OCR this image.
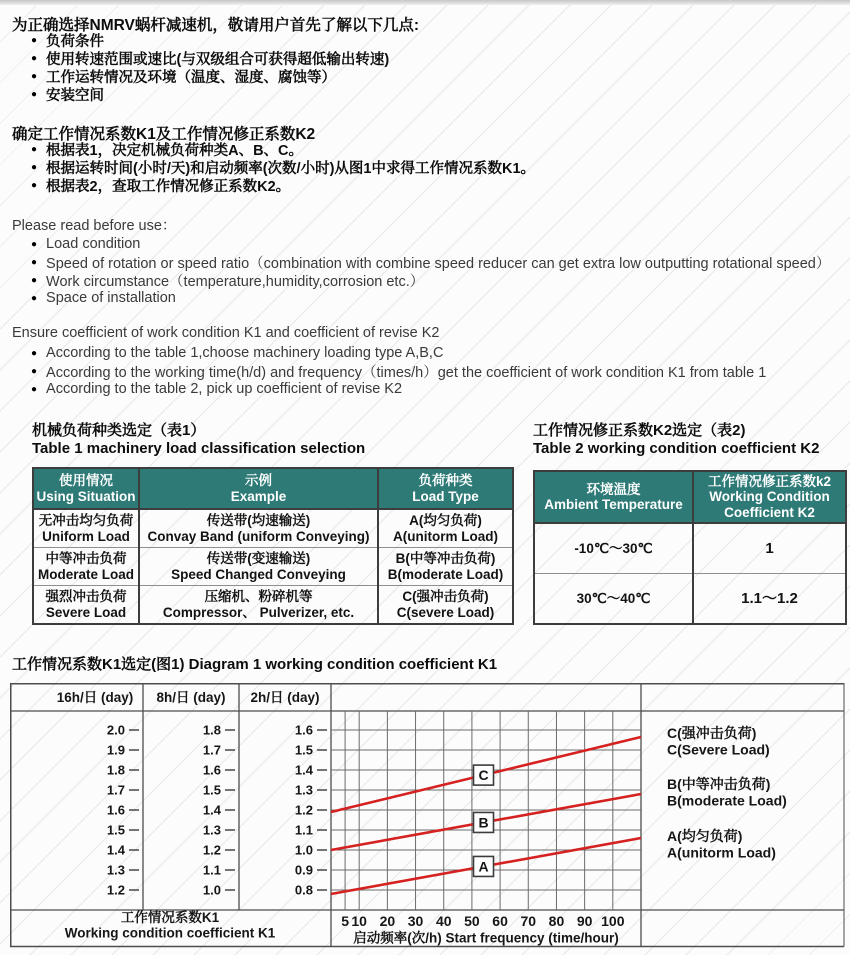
为正确选择NMRV蜗杆减速机，敬请用户首先了解以下几点:
● 负荷条件
● 使用转速范围或速比(与双级组合可获得超低输出转速)
● 工作运转情况及环境（温度、湿度、腐蚀等）
● 安装空间
确定工作情况系数K1及工作情况修正系数K2
● 根据表1，决定机械负荷种类A、B、C。
● 根据运转时间(小时/天)和启动频率(次数/小时)从图1中求得工作情况系数K1。
● 根据表2，查取工作情况修正系数K2。
Please read before use：
● Load condition
● Speed of rotation or speed ratio（combination with combine speed reducer can get extra low outputting rotational speed）
● Work circumstance（temperature,humidity,corrosion etc.）
● Space of installation
Ensure coefficient of work condition K1 and coefficient of revise K2
● According to the table 1,choose machinery loading type A,B,C
● According to the working time(h/d) and frequency（times/h）get the coefficient of work condition K1 from table 1
● According to the table 2, pick up coefficient of revise K2
机械负荷种类选定（表1）
Table 1 machinery load classification selection
使用情况
Using Situation	示例
Example	负荷种类
Load Type

无冲击均匀负荷
Uniform Load	传送带(均速输送)
Convay Band (uniform Conveying)	A(均匀负荷)
A(unitorm Load)

中等冲击负荷
Moderate Load	传送带(变速输送)
Speed Changed Conveying	B(中等冲击负荷)
B(moderate Load)

强烈冲击负荷
Severe Load	压缩机、粉碎机等
Compressor、 Pulverizer, etc.	C(强冲击负荷)
C(severe Load)
工作情况修正系数K2选定（表2)
Table 2 working condition coefficient K2
环境温度
Ambient Temperature	工作情况修正系数k2
Working Condition
Coefficient K2

-10℃～30℃	1
30℃～40℃	1.1～1.2
工作情况系数K1选定(图1) Diagram 1 working condition coefficient K1
16h/日 (day)
2.0
1.9
1.8
1.7
1.6
1.5
1.4
1.3
1.2
8h/日 (day)
1.8
1.7
1.6
1.5
1.4
1.3
1.2
1.1
1.0
2h/日 (day)
1.6
1.5
1.4
1.3
1.2
1.1
1.0
0.9
0.8
C
C(强冲击负荷)
C(Severe Load)
B
B(中等冲击负荷)
B(moderate Load)
A
A(均匀负荷)
A(unitorm Load)
工作情况系数K1
Working condition coefficient K1
5 10 20 30 40 50 60 70 80 90 100
启动频率(次/h) Start frequency (time/hour)
